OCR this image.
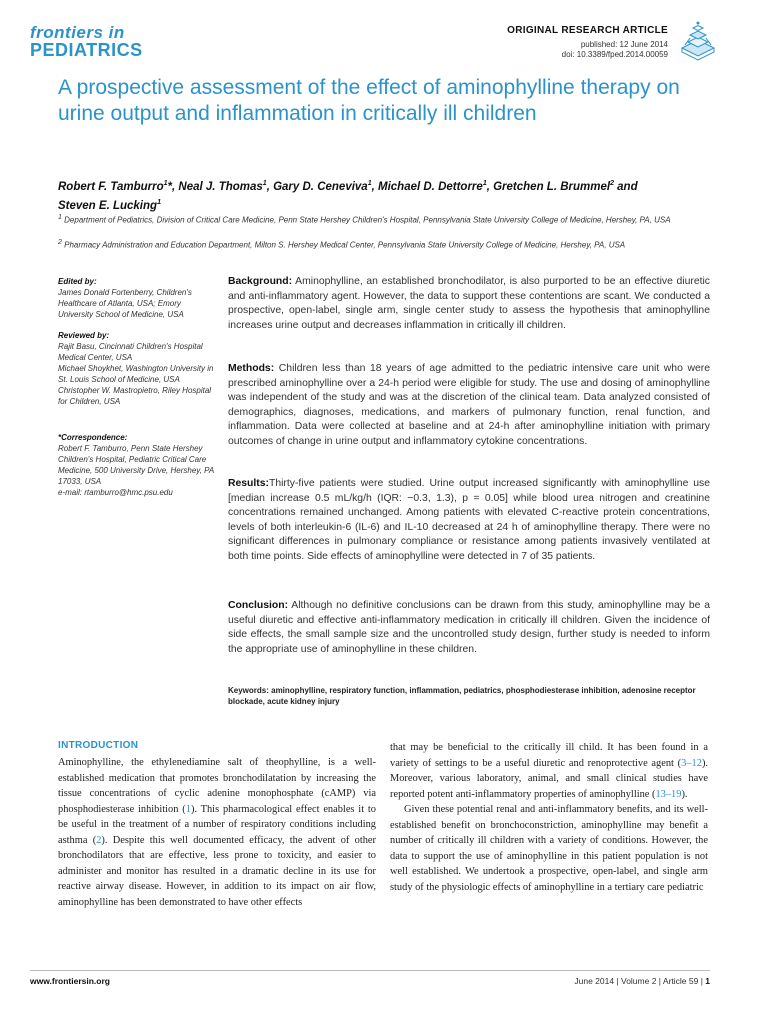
frontiers in
PEDIATRICS
ORIGINAL RESEARCH ARTICLE
published: 12 June 2014
doi: 10.3389/fped.2014.00059
A prospective assessment of the effect of aminophylline therapy on urine output and inflammation in critically ill children
Robert F. Tamburro$^1$*, Neal J. Thomas$^1$, Gary D. Ceneviva$^1$, Michael D. Dettorre$^1$, Gretchen L. Brummel$^2$ and
Steven E. Lucking$^1$
$^1$ Department of Pediatrics, Division of Critical Care Medicine, Penn State Hershey Children's Hospital, Pennsylvania State University College of Medicine, Hershey, PA, USA
$^2$ Pharmacy Administration and Education Department, Milton S. Hershey Medical Center, Pennsylvania State University College of Medicine, Hershey, PA, USA
Edited by:
James Donald Fortenberry, Children's Healthcare of Atlanta, USA; Emory University School of Medicine, USA
Reviewed by:
Rajit Basu, Cincinnati Children's Hospital Medical Center, USA
Michael Shoykhet, Washington University in St. Louis School of Medicine, USA
Christopher W. Mastropietro, Riley Hospital for Children, USA
*Correspondence:
Robert F. Tamburro, Penn State Hershey Children's Hospital, Pediatric Critical Care Medicine, 500 University Drive, Hershey, PA 17033, USA
e-mail: rtamburro@hmc.psu.edu
Background: Aminophylline, an established bronchodilator, is also purported to be an effective diuretic and anti-inflammatory agent. However, the data to support these contentions are scant. We conducted a prospective, open-label, single arm, single center study to assess the hypothesis that aminophylline increases urine output and decreases inflammation in critically ill children.
Methods: Children less than 18 years of age admitted to the pediatric intensive care unit who were prescribed aminophylline over a 24-h period were eligible for study. The use and dosing of aminophylline was independent of the study and was at the discretion of the clinical team. Data analyzed consisted of demographics, diagnoses, medications, and markers of pulmonary function, renal function, and inflammation. Data were collected at baseline and at 24-h after aminophylline initiation with primary outcomes of change in urine output and inflammatory cytokine concentrations.
Results:Thirty-five patients were studied. Urine output increased significantly with aminophylline use [median increase 0.5 mL/kg/h (IQR: −0.3, 1.3), p = 0.05] while blood urea nitrogen and creatinine concentrations remained unchanged. Among patients with elevated C-reactive protein concentrations, levels of both interleukin-6 (IL-6) and IL-10 decreased at 24 h of aminophylline therapy. There were no significant differences in pulmonary compliance or resistance among patients invasively ventilated at both time points. Side effects of aminophylline were detected in 7 of 35 patients.
Conclusion: Although no definitive conclusions can be drawn from this study, aminophylline may be a useful diuretic and effective anti-inflammatory medication in critically ill children. Given the incidence of side effects, the small sample size and the uncontrolled study design, further study is needed to inform the appropriate use of aminophylline in these children.
Keywords: aminophylline, respiratory function, inflammation, pediatrics, phosphodiesterase inhibition, adenosine receptor blockade, acute kidney injury
INTRODUCTION

Aminophylline, the ethylenediamine salt of theophylline, is a well-established medication that promotes bronchodilatation by increasing the tissue concentrations of cyclic adenine monophosphate (cAMP) via phosphodiesterase inhibition (1). This pharmacological effect enables it to be useful in the treatment of a number of respiratory conditions including asthma (2). Despite this well documented efficacy, the advent of other bronchodilators that are effective, less prone to toxicity, and easier to administer and monitor has resulted in a dramatic decline in its use for reactive airway disease. However, in addition to its impact on air flow, aminophylline has been demonstrated to have other effects

that may be beneficial to the critically ill child. It has been found in a variety of settings to be a useful diuretic and renoprotective agent (3–12). Moreover, various laboratory, animal, and small clinical studies have reported potent anti-inflammatory properties of aminophylline (13–19).

Given these potential renal and anti-inflammatory benefits, and its well-established benefit on bronchoconstriction, aminophylline may benefit a number of critically ill children with a variety of conditions. However, the data to support the use of aminophylline in this patient population is not well established. We undertook a prospective, open-label, and single arm study of the physiologic effects of aminophylline in a tertiary care pediatric

www.frontiersin.org	June 2014 | Volume 2 | Article 59 | 1
